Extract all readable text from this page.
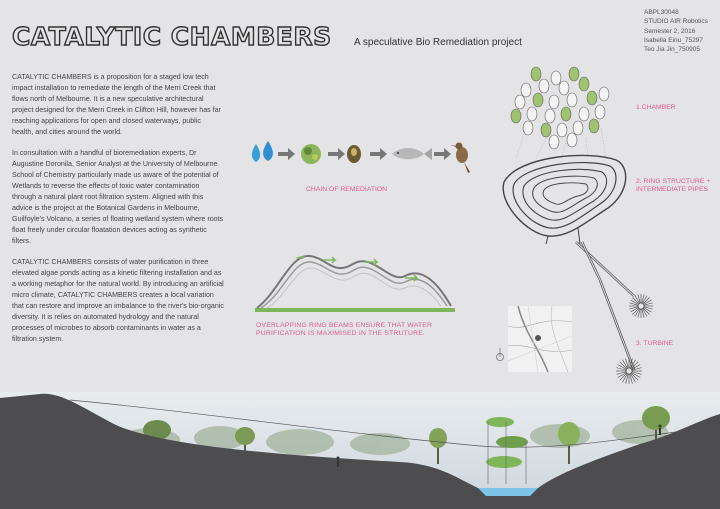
CATALYTIC CHAMBERS A speculative Bio Remediation project
ABPL30048
STUDIO AIR Robotics
Semester 2, 2016
Isabella Einu_75297
Teo Jia Jin_750905

CATALYTIC CHAMBERS is a proposition for a staged low tech impact installation to remediate the length of the Merri Creek that flows north of Melbourne. It is a new speculative architectural project designed for the Merri Creek in Clifton Hill, however has far reaching applications for open and closed waterways, public health, and cities around the world.

In consultation with a handful of bioremediation experts, Dr Augustine Doronila, Senior Analyst at the University of Melbourne School of Chemistry particularly made us aware of the potential of Wetlands to reverse the effects of toxic water contamination through a natural plant root filtration system. Aligned with this advice is the project at the Botanical Gardens in Melbourne, Guilfoyle's Volcano, a series of floating wetland system where roots float freely under circular floatation devices acting as synthetic filters.

CATALYTIC CHAMBERS consists of water purification in three elevated algae ponds acting as a kinetic filtering installation and as a working metaphor for the natural world. By introducing an artificial micro climate, CATALYTIC CHAMBERS creates a local variation that can restore and improve an imbalance to the river's bio-organic diversity. It is relies on automated hydrology and the natural processes of microbes to absorb contaminants in water as a filtration system.

CHAIN OF REMEDIATION
OVERLAPPING RING BEAMS ENSURE THAT WATER PURIFICATION IS MAXIMISED IN THE STRUTURE.
1.CHAMBER
2. RING STRUCTURE + INTERMEDIATE PIPES
3. TURBINE
